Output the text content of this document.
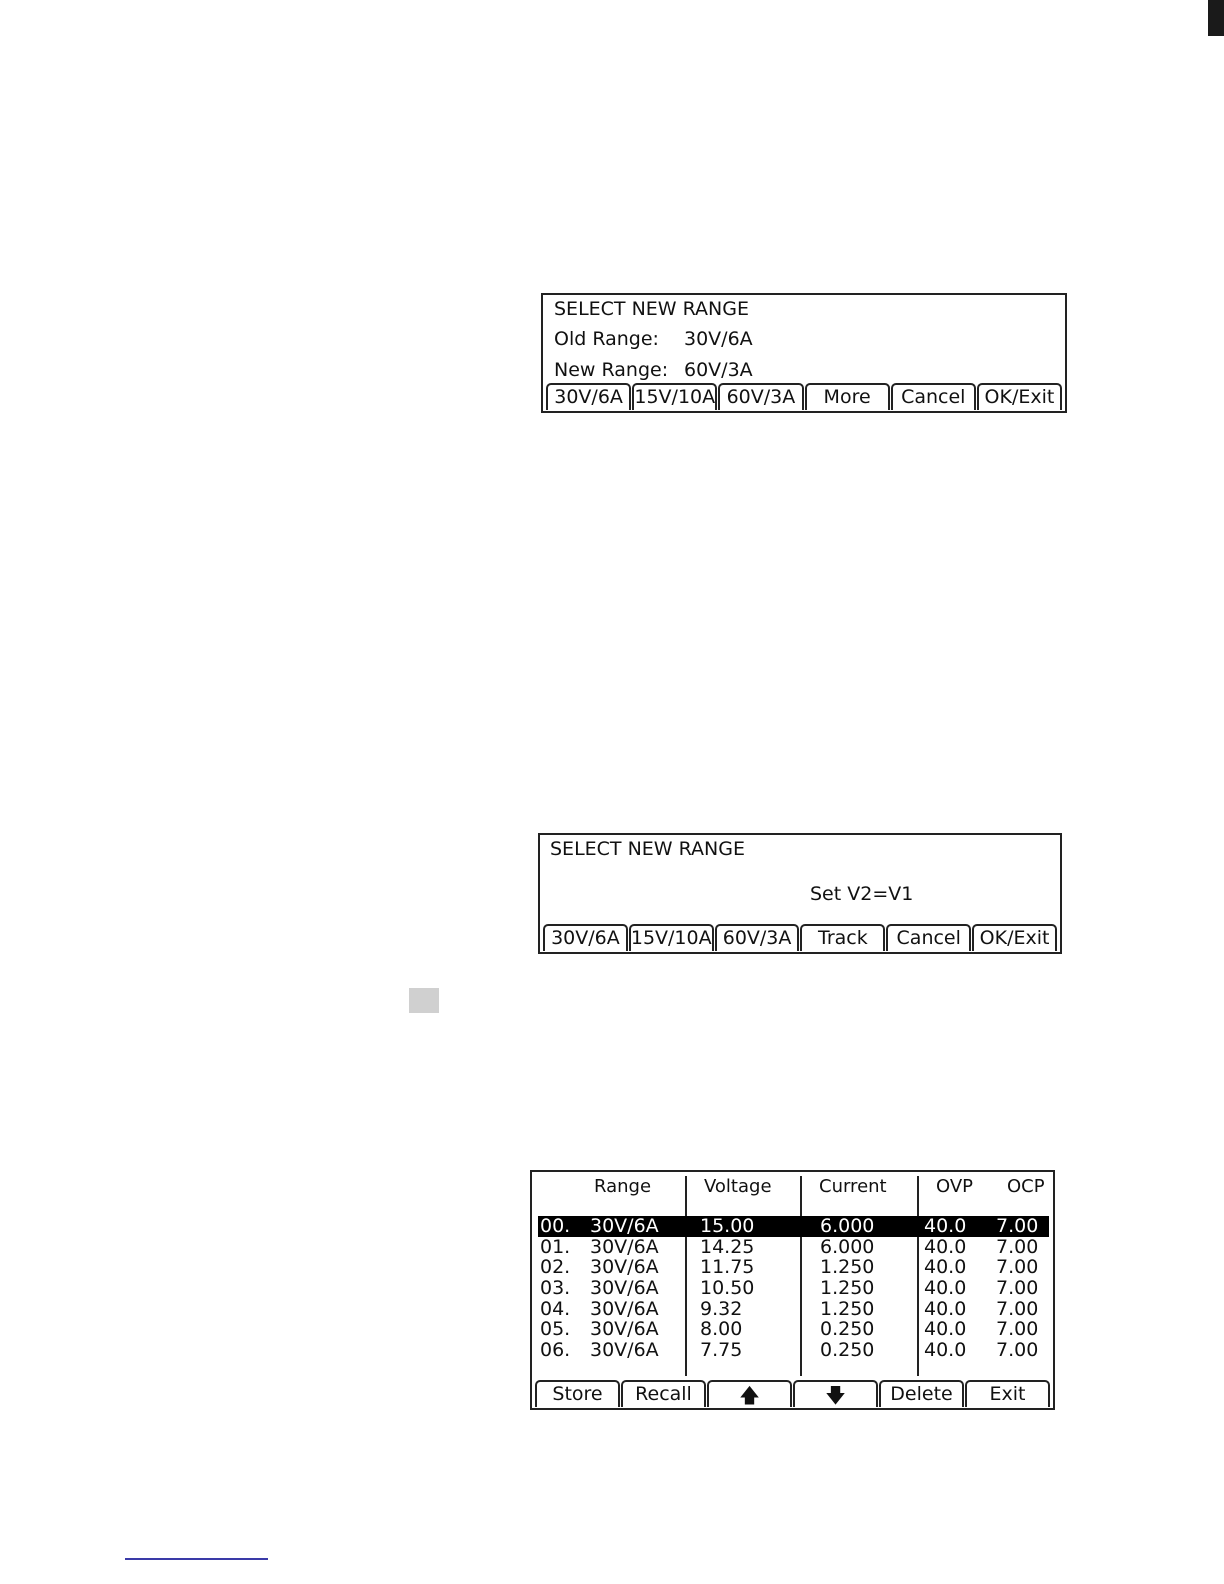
SELECT NEW RANGE
Old Range: 30V/6A
New Range: 60V/3A
30V/6A 15V/10A 60V/3A	More	Cancel	OK/Exit
SELECT NEW RANGE
Set V2=V1
30V/6A 15V/10A 60V/3A	Track	Cancel OK/Exit
Range	Voltage	Current	OVP OCP
00. 30V/6A 15.00	6.000	40.0 7.00
01. 30V/6A 14.25	6.000	40.0 7.00
02. 30V/6A 11.75	1.250	40.0 7.00
03. 30V/6A 10.50	1.250	40.0 7.00
04. 30V/6A 9.32	1.250	40.0 7.00
05. 30V/6A 8.00	0.250	40.0 7.00
06. 30V/6A 7.75	0.250	40.0 7.00
Store	Recall	🡅	🡇	Delete	Exit
